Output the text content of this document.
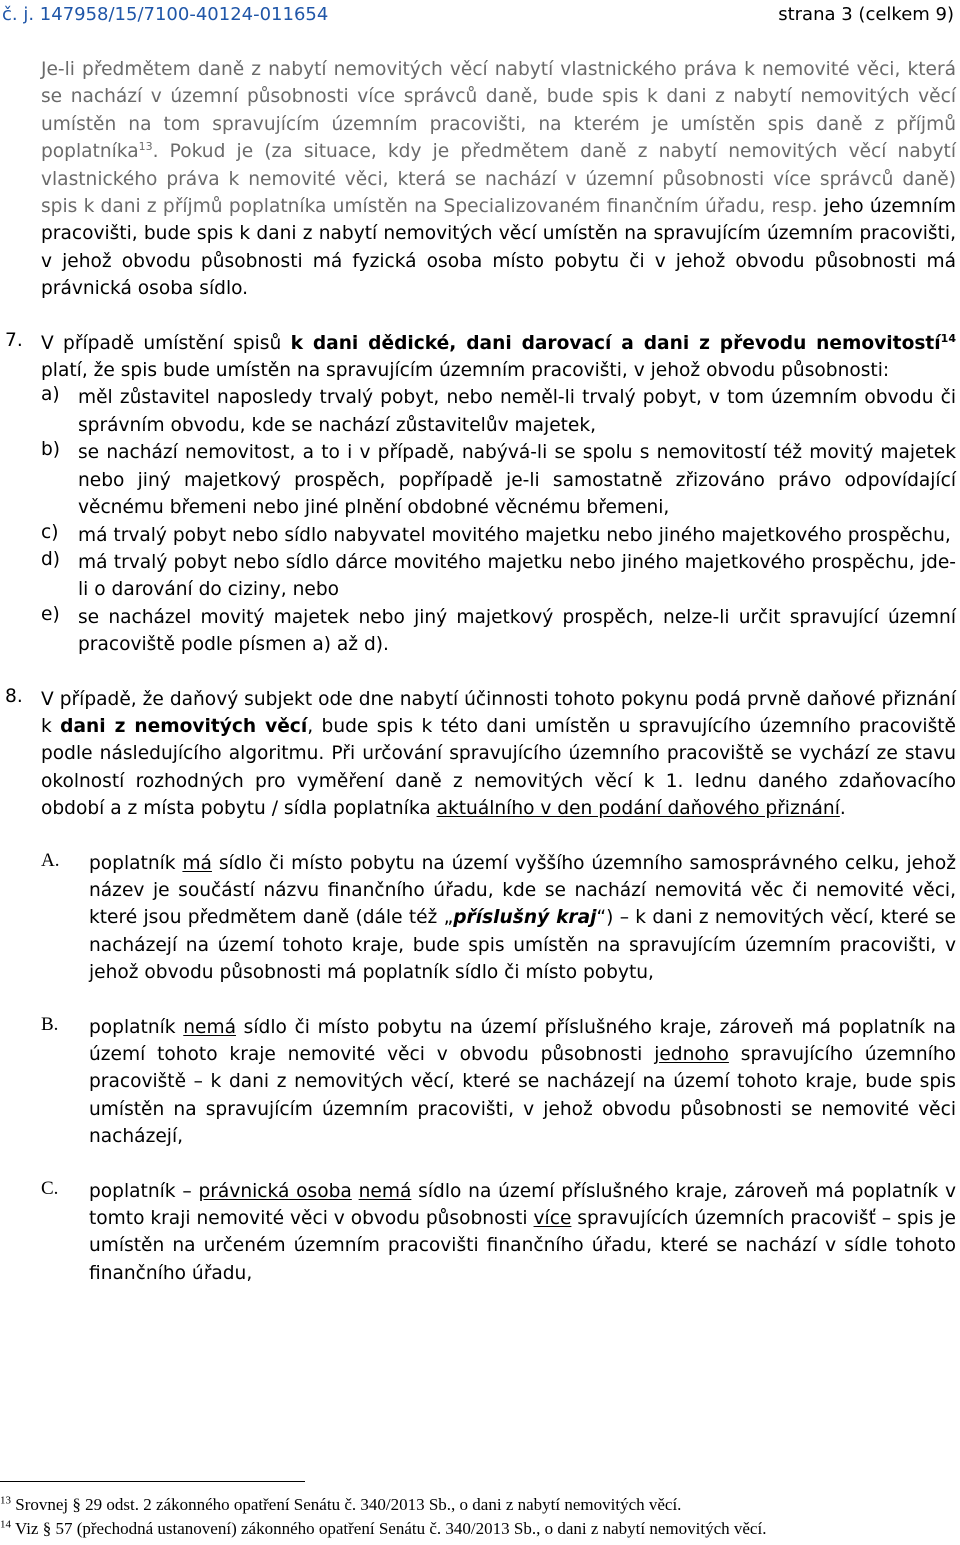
č. j. 147958/15/7100-40124-011654	strana 3 (celkem 9)

Je-li předmětem daně z nabytí nemovitých věcí nabytí vlastnického práva k nemovité věci, která se nachází v územní působnosti více správců daně, bude spis k dani z nabytí nemovitých věcí umístěn na tom spravujícím územním pracovišti, na kterém je umístěn spis daně z příjmů poplatníka$^{13}$. Pokud je (za situace, kdy je předmětem daně z nabytí nemovitých věcí nabytí vlastnického práva k nemovité věci, která se nachází v územní působnosti více správců daně) spis k dani z příjmů poplatníka umístěn na Specializovaném finančním úřadu, resp. jeho územním pracovišti, bude spis k dani z nabytí nemovitých věcí umístěn na spravujícím územním pracovišti, v jehož obvodu působnosti má fyzická osoba místo pobytu či v jehož obvodu působnosti má právnická osoba sídlo.

7. V případě umístění spisů k dani dědické, dani darovací a dani z převodu nemovitostí$^{14}$ platí, že spis bude umístěn na spravujícím územním pracovišti, v jehož obvodu působnosti:

a) měl zůstavitel naposledy trvalý pobyt, nebo neměl-li trvalý pobyt, v tom územním obvodu či správním obvodu, kde se nachází zůstavitelův majetek,
b) se nachází nemovitost, a to i v případě, nabývá-li se spolu s nemovitostí též movitý majetek nebo jiný majetkový prospěch, popřípadě je-li samostatně zřizováno právo odpovídající věcnému břemeni nebo jiné plnění obdobné věcnému břemeni,
c)	má trvalý pobyt nebo sídlo nabyvatel movitého majetku nebo jiného majetkového prospěchu,
d) má trvalý pobyt nebo sídlo dárce movitého majetku nebo jiného majetkového prospěchu, jde-li o darování do ciziny, nebo
e) se nacházel movitý majetek nebo jiný majetkový prospěch, nelze-li určit spravující územní pracoviště podle písmen a) až d).
8. V případě, že daňový subjekt ode dne nabytí účinnosti tohoto pokynu podá prvně daňové přiznání k dani z nemovitých věcí, bude spis k této dani umístěn u spravujícího územního pracoviště podle následujícího algoritmu. Při určování spravujícího územního pracoviště se vychází ze stavu okolností rozhodných pro vyměření daně z nemovitých věcí k 1. lednu daného zdaňovacího období a z místa pobytu / sídla poplatníka aktuálního v den podání daňového přiznání.

A. poplatník má sídlo či místo pobytu na území vyššího územního samosprávného celku, jehož název je součástí názvu finančního úřadu, kde se nachází nemovitá věc či nemovité věci, které jsou předmětem daně (dále též „příslušný kraj“) – k dani z nemovitých věcí, které se nacházejí na území tohoto kraje, bude spis umístěn na spravujícím územním pracovišti, v jehož obvodu působnosti má poplatník sídlo či místo pobytu,

B. poplatník nemá sídlo či místo pobytu na území příslušného kraje, zároveň má poplatník na území tohoto kraje nemovité věci v obvodu působnosti jednoho spravujícího územního pracoviště – k dani z nemovitých věcí, které se nacházejí na území tohoto kraje, bude spis umístěn na spravujícím územním pracovišti, v jehož obvodu působnosti se nemovité věci nacházejí,

C. poplatník – právnická osoba nemá sídlo na území příslušného kraje, zároveň má poplatník v tomto kraji nemovité věci v obvodu působnosti více spravujících územních pracovišť – spis je umístěn na určeném územním pracovišti finančního úřadu, které se nachází v sídle tohoto finančního úřadu,

$^{13}$ Srovnej § 29 odst. 2 zákonného opatření Senátu č. 340/2013 Sb., o dani z nabytí nemovitých věcí.
$^{14}$ Viz § 57 (přechodná ustanovení) zákonného opatření Senátu č. 340/2013 Sb., o dani z nabytí nemovitých věcí.
